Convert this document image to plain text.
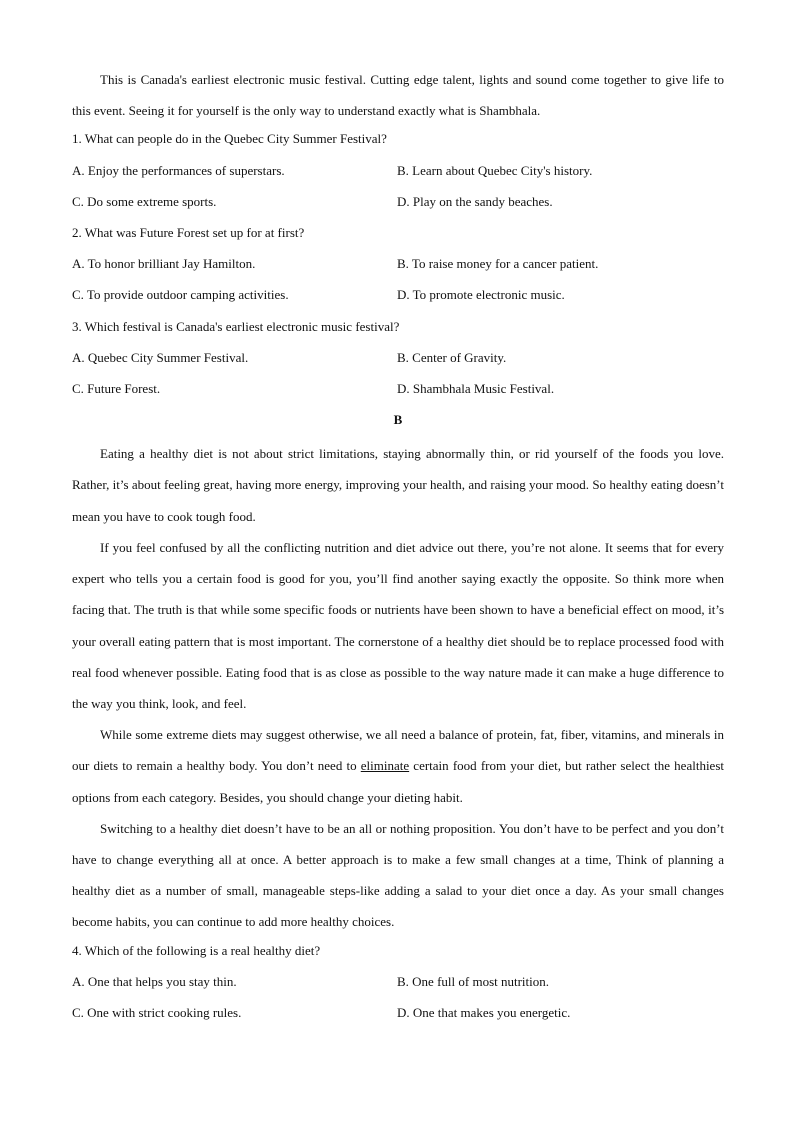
This is Canada's earliest electronic music festival. Cutting edge talent, lights and sound come together to give life to this event. Seeing it for yourself is the only way to understand exactly what is Shambhala.

1. What can people do in the Quebec City Summer Festival?
A. Enjoy the performances of superstars.	B. Learn about Quebec City's history.
C. Do some extreme sports.	D. Play on the sandy beaches.
2. What was Future Forest set up for at first?
A. To honor brilliant Jay Hamilton.	B. To raise money for a cancer patient.
C. To provide outdoor camping activities.	D. To promote electronic music.
3. Which festival is Canada's earliest electronic music festival?
A. Quebec City Summer Festival.	B. Center of Gravity.
C. Future Forest.	D. Shambhala Music Festival.
B

Eating a healthy diet is not about strict limitations, staying abnormally thin, or rid yourself of the foods you love. Rather, it’s about feeling great, having more energy, improving your health, and raising your mood. So healthy eating doesn’t mean you have to cook tough food.

If you feel confused by all the conflicting nutrition and diet advice out there, you’re not alone. It seems that for every expert who tells you a certain food is good for you, you’ll find another saying exactly the opposite. So think more when facing that. The truth is that while some specific foods or nutrients have been shown to have a beneficial effect on mood, it’s your overall eating pattern that is most important. The cornerstone of a healthy diet should be to replace processed food with real food whenever possible. Eating food that is as close as possible to the way nature made it can make a huge difference to the way you think, look, and feel.

While some extreme diets may suggest otherwise, we all need a balance of protein, fat, fiber, vitamins, and minerals in our diets to remain a healthy body. You don’t need to eliminate certain food from your diet, but rather select the healthiest options from each category. Besides, you should change your dieting habit.

Switching to a healthy diet doesn’t have to be an all or nothing proposition. You don’t have to be perfect and you don’t have to change everything all at once. A better approach is to make a few small changes at a time, Think of planning a healthy diet as a number of small, manageable steps-like adding a salad to your diet once a day. As your small changes become habits, you can continue to add more healthy choices.

4. Which of the following is a real healthy diet?
A. One that helps you stay thin.	B. One full of most nutrition.
C. One with strict cooking rules.	D. One that makes you energetic.
